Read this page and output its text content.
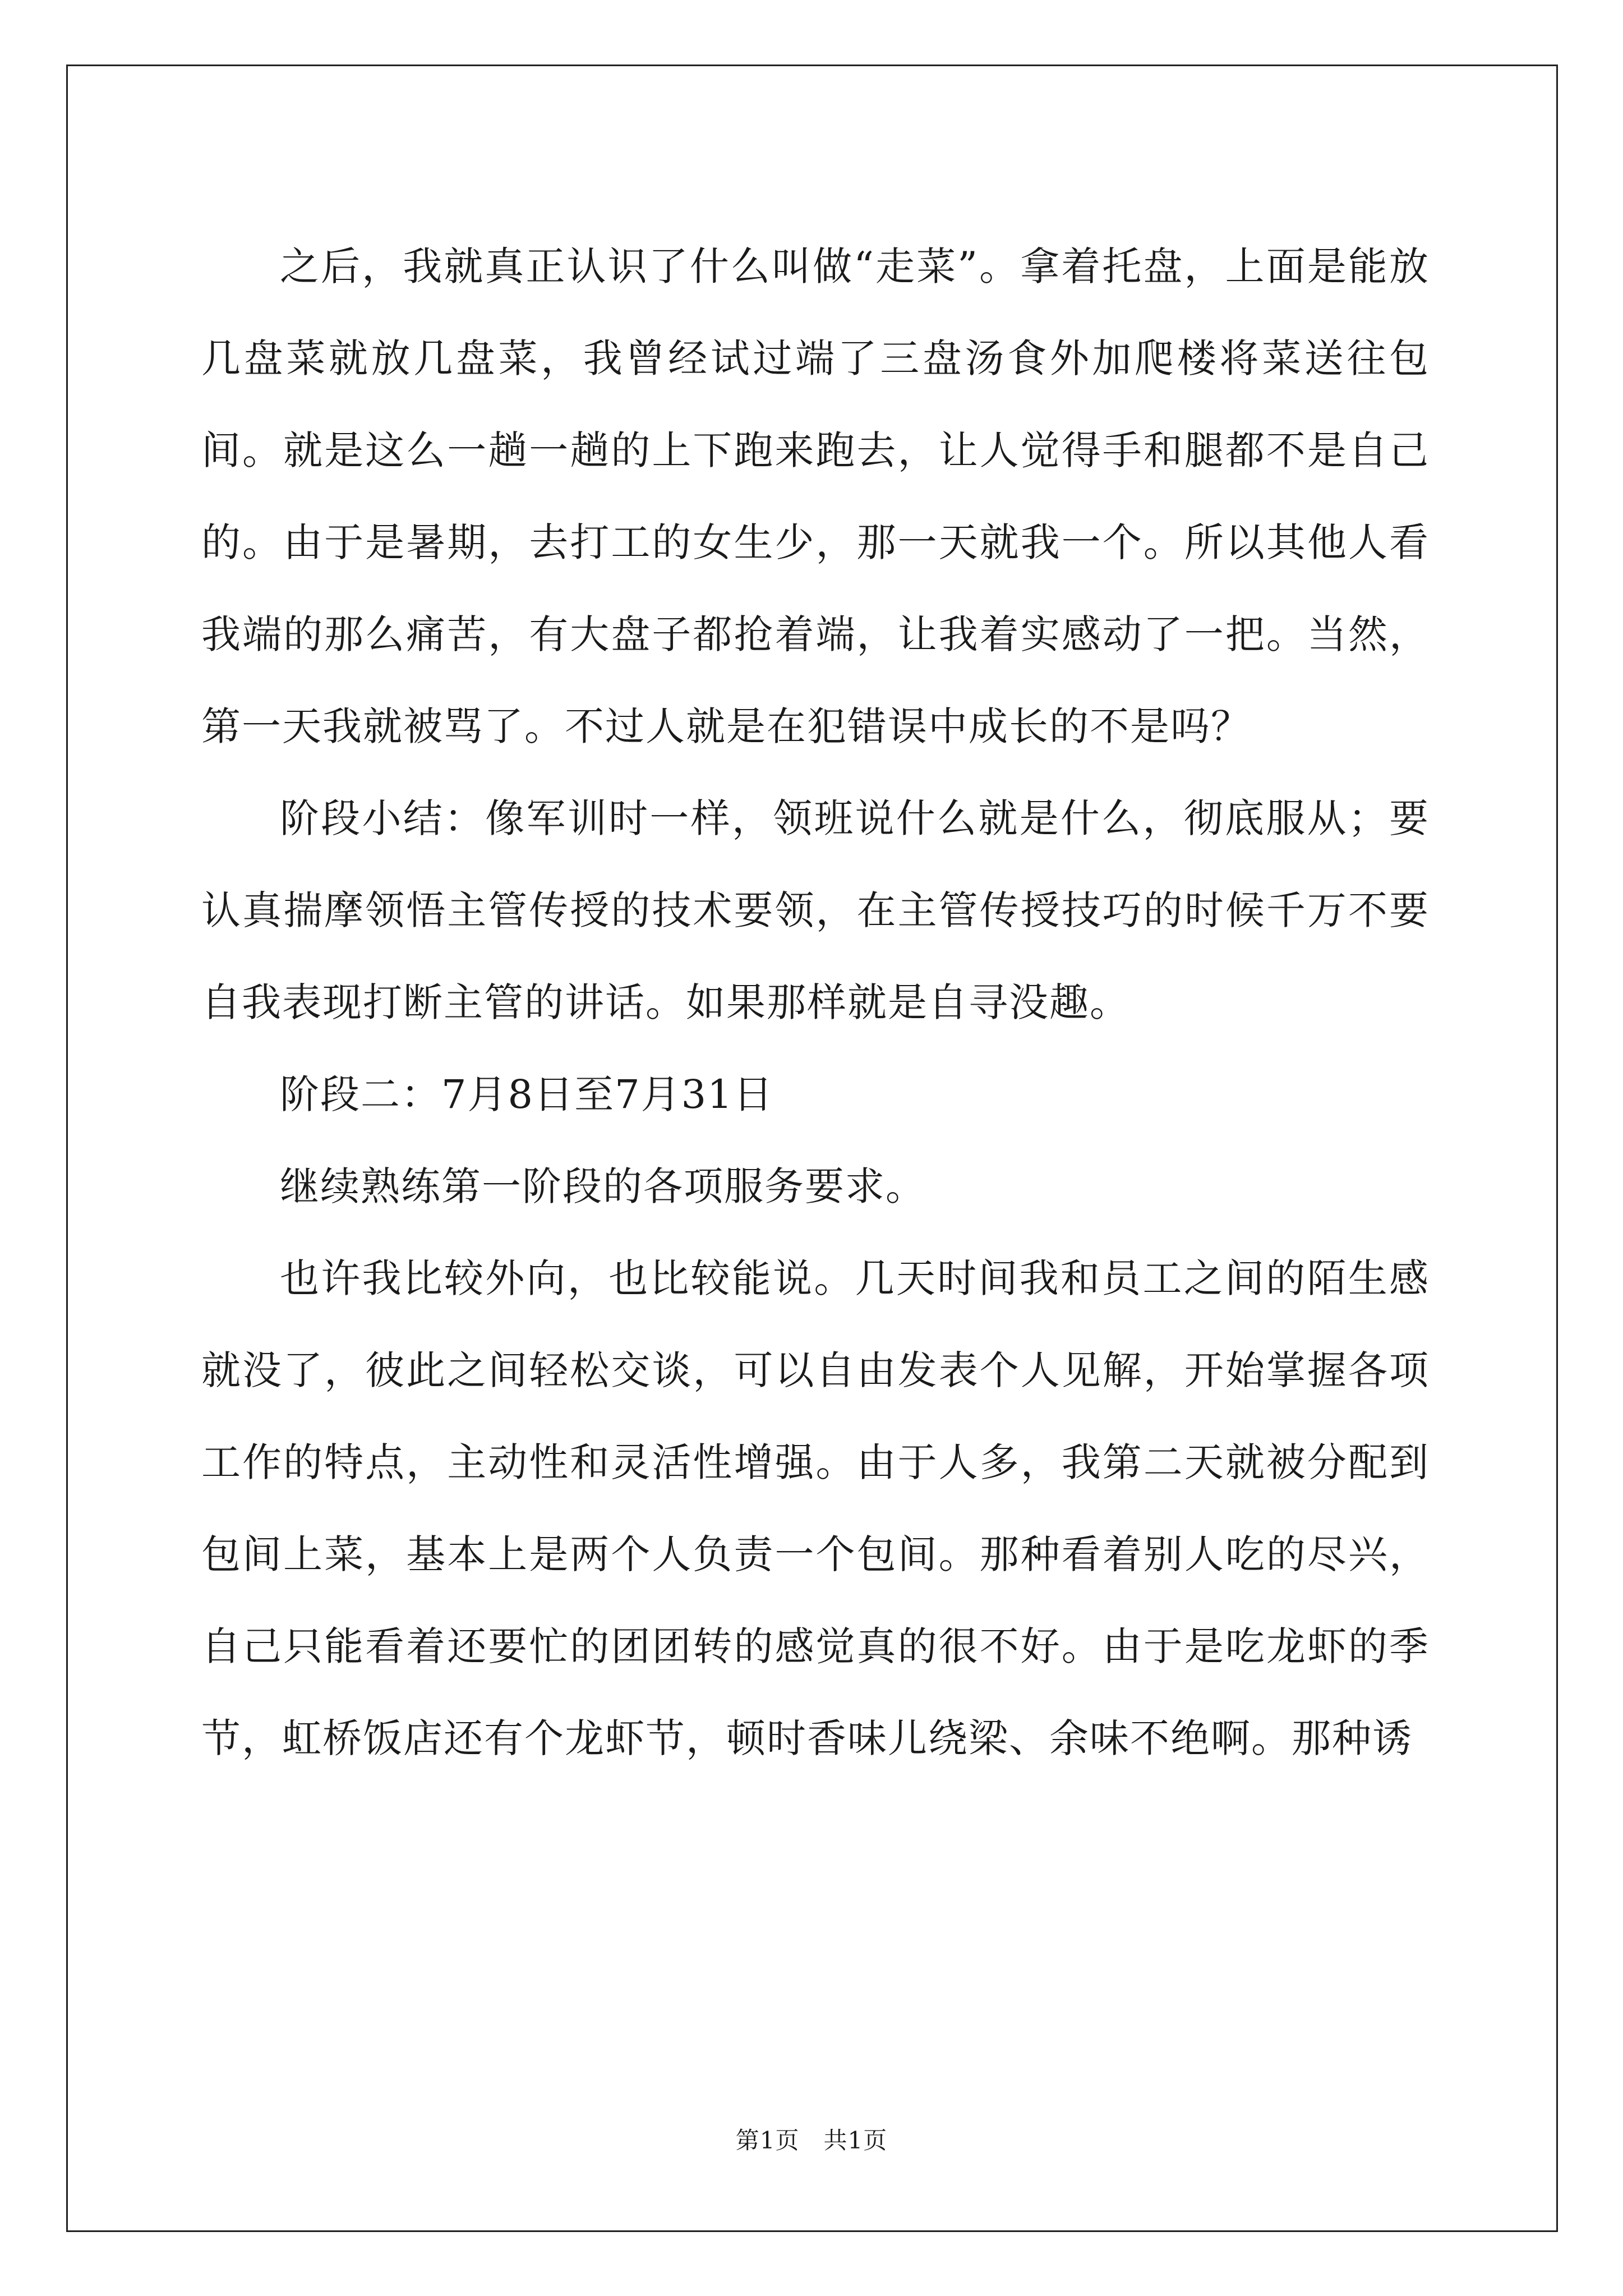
之后，我就真正认识了什么叫做“走菜”。拿着托盘，上面是能放几盘菜就放几盘菜，我曾经试过端了三盘汤食外加爬楼将菜送往包间。就是这么一趟一趟的上下跑来跑去，让人觉得手和腿都不是自己的。由于是暑期，去打工的女生少，那一天就我一个。所以其他人看我端的那么痛苦，有大盘子都抢着端，让我着实感动了一把。当然，第一天我就被骂了。不过人就是在犯错误中成长的不是吗？

阶段小结：像军训时一样，领班说什么就是什么，彻底服从；要认真揣摩领悟主管传授的技术要领，在主管传授技巧的时候千万不要自我表现打断主管的讲话。如果那样就是自寻没趣。

阶段二：7月8日至7月31日

继续熟练第一阶段的各项服务要求。

也许我比较外向，也比较能说。几天时间我和员工之间的陌生感就没了，彼此之间轻松交谈，可以自由发表个人见解，开始掌握各项工作的特点，主动性和灵活性增强。由于人多，我第二天就被分配到包间上菜，基本上是两个人负责一个包间。那种看着别人吃的尽兴，自己只能看着还要忙的团团转的感觉真的很不好。由于是吃龙虾的季节，虹桥饭店还有个龙虾节，顿时香味儿绕梁、余味不绝啊。那种诱

第1页　共1页
